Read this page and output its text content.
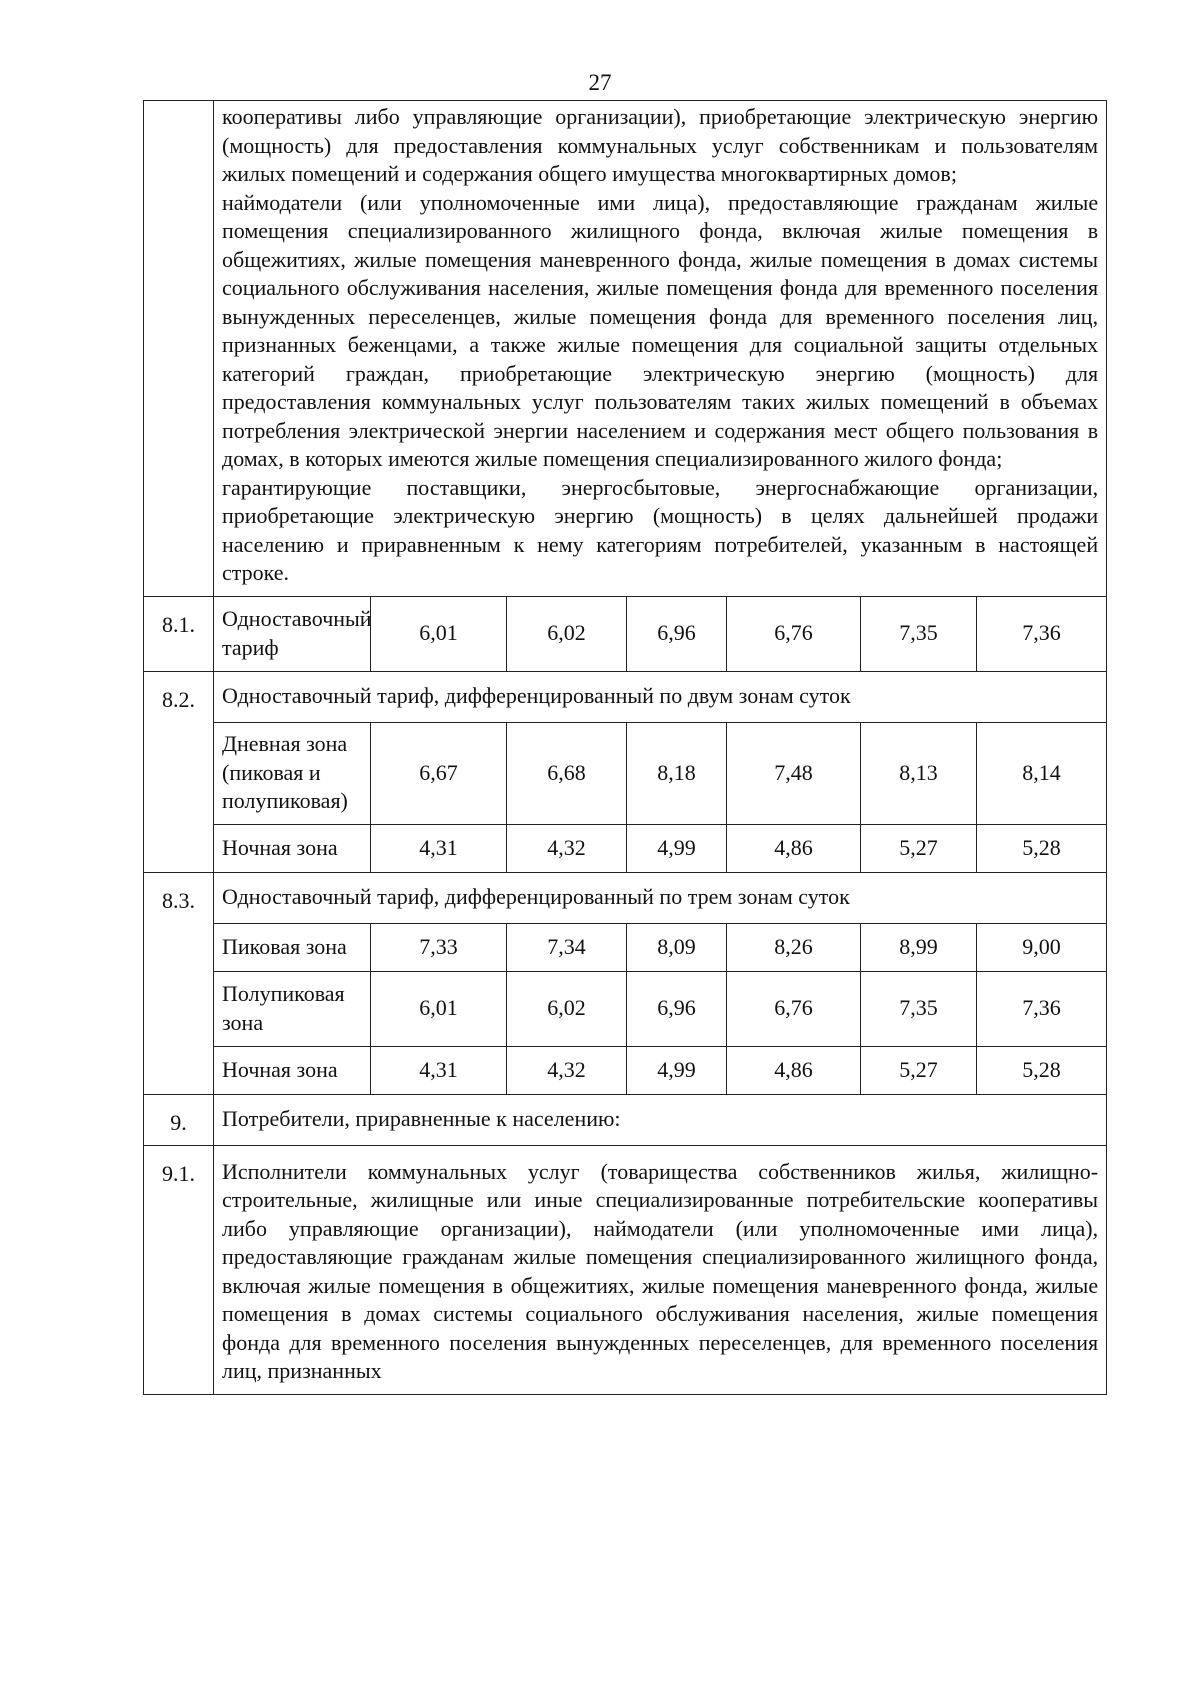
27

	кооперативы либо управляющие организации), приобретающие электрическую энергию (мощность) для предоставления коммунальных услуг собственникам и пользователям жилых помещений и содержания общего имущества многоквартирных домов;

наймодатели (или уполномоченные ими лица), предоставляющие гражданам жилые помещения специализированного жилищного фонда, включая жилые помещения в общежитиях, жилые помещения маневренного фонда, жилые помещения в домах системы социального обслуживания населения, жилые помещения фонда для временного поселения вынужденных переселенцев, жилые помещения фонда для временного поселения лиц, признанных беженцами, а также жилые помещения для социальной защиты отдельных категорий граждан, приобретающие электрическую энергию (мощность) для предоставления коммунальных услуг пользователям таких жилых помещений в объемах потребления электрической энергии населением и содержания мест общего пользования в домах, в которых имеются жилые помещения специализированного жилого фонда;

гарантирующие поставщики, энергосбытовые, энергоснабжающие организации, приобретающие электрическую энергию (мощность) в целях дальнейшей продажи населению и приравненным к нему категориям потребителей, указанным в настоящей строке.						

8.1.	Одноставочный тариф	6,01	6,02	6,96	6,76	7,35	7,36
8.2.	Одноставочный тариф, дифференцированный по двум зонам суток						
	Дневная зона (пиковая и полупиковая)	6,67	6,68	8,18	7,48	8,13	8,14
	Ночная зона	4,31	4,32	4,99	4,86	5,27	5,28
8.3.	Одноставочный тариф, дифференцированный по трем зонам суток						
	Пиковая зона	7,33	7,34	8,09	8,26	8,99	9,00
	Полупиковая зона	6,01	6,02	6,96	6,76	7,35	7,36
	Ночная зона	4,31	4,32	4,99	4,86	5,27	5,28
9.	Потребители, приравненные к населению:						
9.1.	Исполнители коммунальных услуг (товарищества собственников жилья, жилищно-строительные, жилищные или иные специализированные потребительские кооперативы либо управляющие организации), наймодатели (или уполномоченные ими лица), предоставляющие гражданам жилые помещения специализированного жилищного фонда, включая жилые помещения в общежитиях, жилые помещения маневренного фонда, жилые помещения в домах системы социального обслуживания населения, жилые помещения фонда для временного поселения вынужденных переселенцев, для временного поселения лиц, признанных						
